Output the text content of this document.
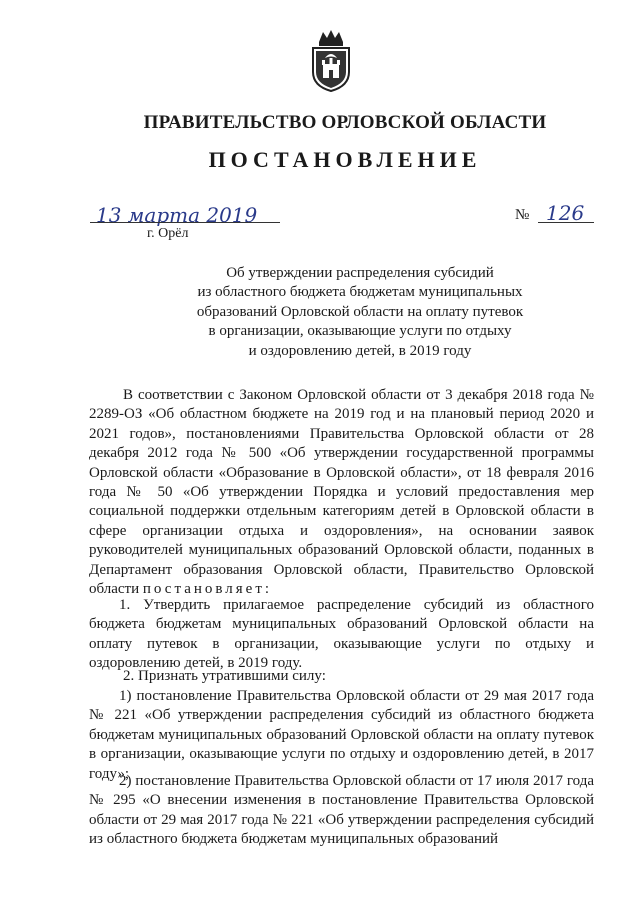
ПРАВИТЕЛЬСТВО ОРЛОВСКОЙ ОБЛАСТИ
ПОСТАНОВЛЕНИЕ
13 марта 2019
г. Орёл
№ 126
Об утверждении распределения субсидий
из областного бюджета бюджетам муниципальных
образований Орловской области на оплату путевок
в организации, оказывающие услуги по отдыху
и оздоровлению детей, в 2019 году
В соответствии с Законом Орловской области от 3 декабря 2018 года № 2289-ОЗ «Об областном бюджете на 2019 год и на плановый период 2020 и 2021 годов», постановлениями Правительства Орловской области от 28 декабря 2012 года № 500 «Об утверждении государственной программы Орловской области «Образование в Орловской области», от 18 февраля 2016 года № 50 «Об утверждении Порядка и условий предоставления мер социальной поддержки отдельным категориям детей в Орловской области в сфере организации отдыха и оздоровления», на основании заявок руководителей муниципальных образований Орловской области, поданных в Департамент образования Орловской области, Правительство Орловской области постановляет:
1. Утвердить прилагаемое распределение субсидий из областного бюджета бюджетам муниципальных образований Орловской области на оплату путевок в организации, оказывающие услуги по отдыху и оздоровлению детей, в 2019 году.
2. Признать утратившими силу:
1) постановление Правительства Орловской области от 29 мая 2017 года № 221 «Об утверждении распределения субсидий из областного бюджета бюджетам муниципальных образований Орловской области на оплату путевок в организации, оказывающие услуги по отдыху и оздоровлению детей, в 2017 году»;
2) постановление Правительства Орловской области от 17 июля 2017 года № 295 «О внесении изменения в постановление Правительства Орловской области от 29 мая 2017 года № 221 «Об утверждении распределения субсидий из областного бюджета бюджетам муниципальных образований
